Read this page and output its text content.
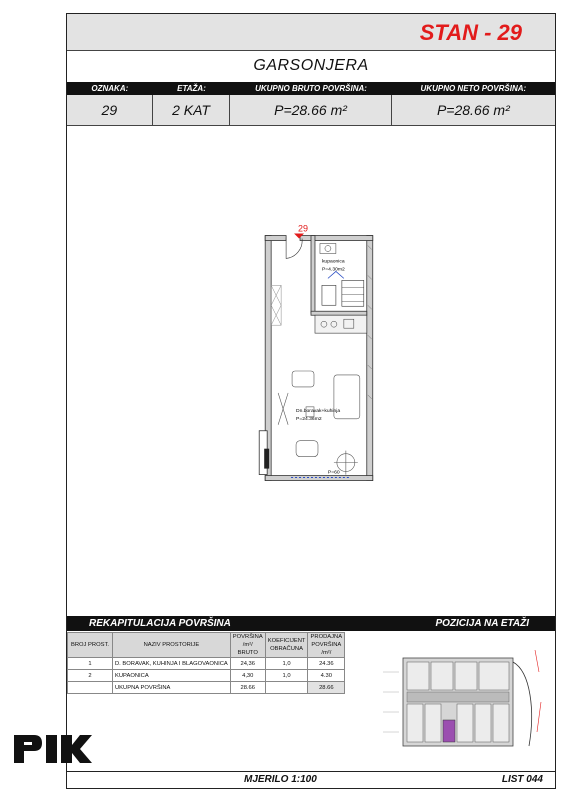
STAN - 29
GARSONJERA
OZNAKA:	ETAŽA:	UKUPNO BRUTO POVRŠINA:	UKUPNO NETO POVRŠINA:
29	2 KAT	P=28.66 m²	P=28.66 m²
29
kupaonica
P=4.30m2
Dn.boravak+kuhinja
P=24.36m2
P=60
REKAPITULACIJA POVRŠINA	POZICIJA NA ETAŽI
BROJ PROST.	NAZIV PROSTORIJE	POVRŠINA /m²/ BRUTO	KOEFICIJENT OBRAČUNA	PRODAJNA POVRŠINA /m²/
1	D. BORAVAK, KUHINJA I BLAGOVAONICA	24,36	1,0	24.36
2	KUPAONICA	4,30	1,0	4.30
	UKUPNA POVRŠINA	28.66		28.66
MJERILO 1:100	LIST 044
